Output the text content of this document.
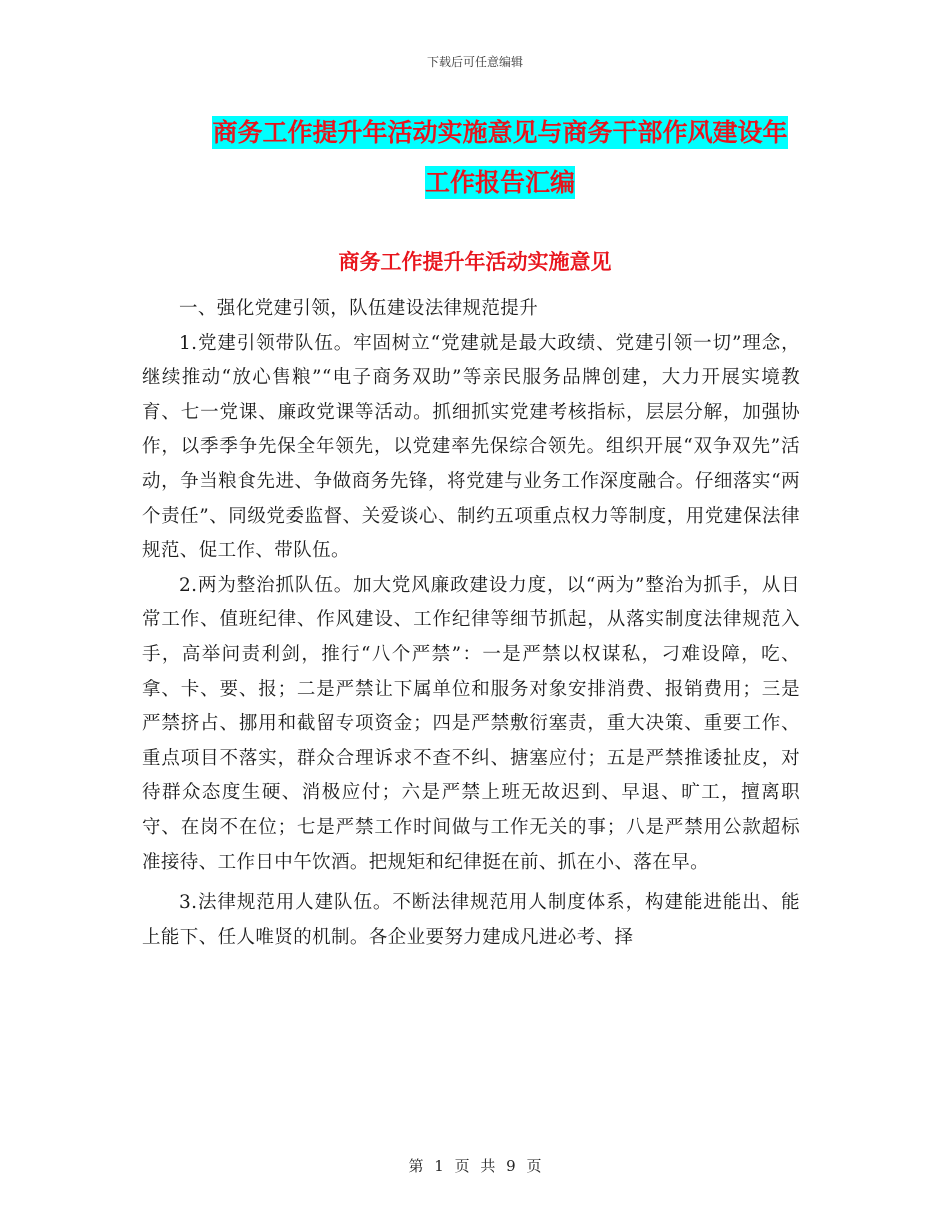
下载后可任意编辑
商务工作提升年活动实施意见与商务干部作风建设年
工作报告汇编
商务工作提升年活动实施意见

一、强化党建引领，队伍建设法律规范提升

1.党建引领带队伍。牢固树立“党建就是最大政绩、党建引领一切”理念，继续推动“放心售粮”“电子商务双助”等亲民服务品牌创建，大力开展实境教育、七一党课、廉政党课等活动。抓细抓实党建考核指标，层层分解，加强协作，以季季争先保全年领先，以党建率先保综合领先。组织开展“双争双先”活动，争当粮食先进、争做商务先锋，将党建与业务工作深度融合。仔细落实“两个责任”、同级党委监督、关爱谈心、制约五项重点权力等制度，用党建保法律规范、促工作、带队伍。

2.两为整治抓队伍。加大党风廉政建设力度，以“两为”整治为抓手，从日常工作、值班纪律、作风建设、工作纪律等细节抓起，从落实制度法律规范入手，高举问责利剑，推行“八个严禁”：一是严禁以权谋私，刁难设障，吃、拿、卡、要、报；二是严禁让下属单位和服务对象安排消费、报销费用；三是严禁挤占、挪用和截留专项资金；四是严禁敷衍塞责，重大决策、重要工作、重点项目不落实，群众合理诉求不查不纠、搪塞应付；五是严禁推诿扯皮，对待群众态度生硬、消极应付；六是严禁上班无故迟到、早退、旷工，擅离职守、在岗不在位；七是严禁工作时间做与工作无关的事；八是严禁用公款超标准接待、工作日中午饮酒。把规矩和纪律挺在前、抓在小、落在早。

3.法律规范用人建队伍。不断法律规范用人制度体系，构建能进能出、能上能下、任人唯贤的机制。各企业要努力建成凡进必考、择

第 1 页 共 9 页
